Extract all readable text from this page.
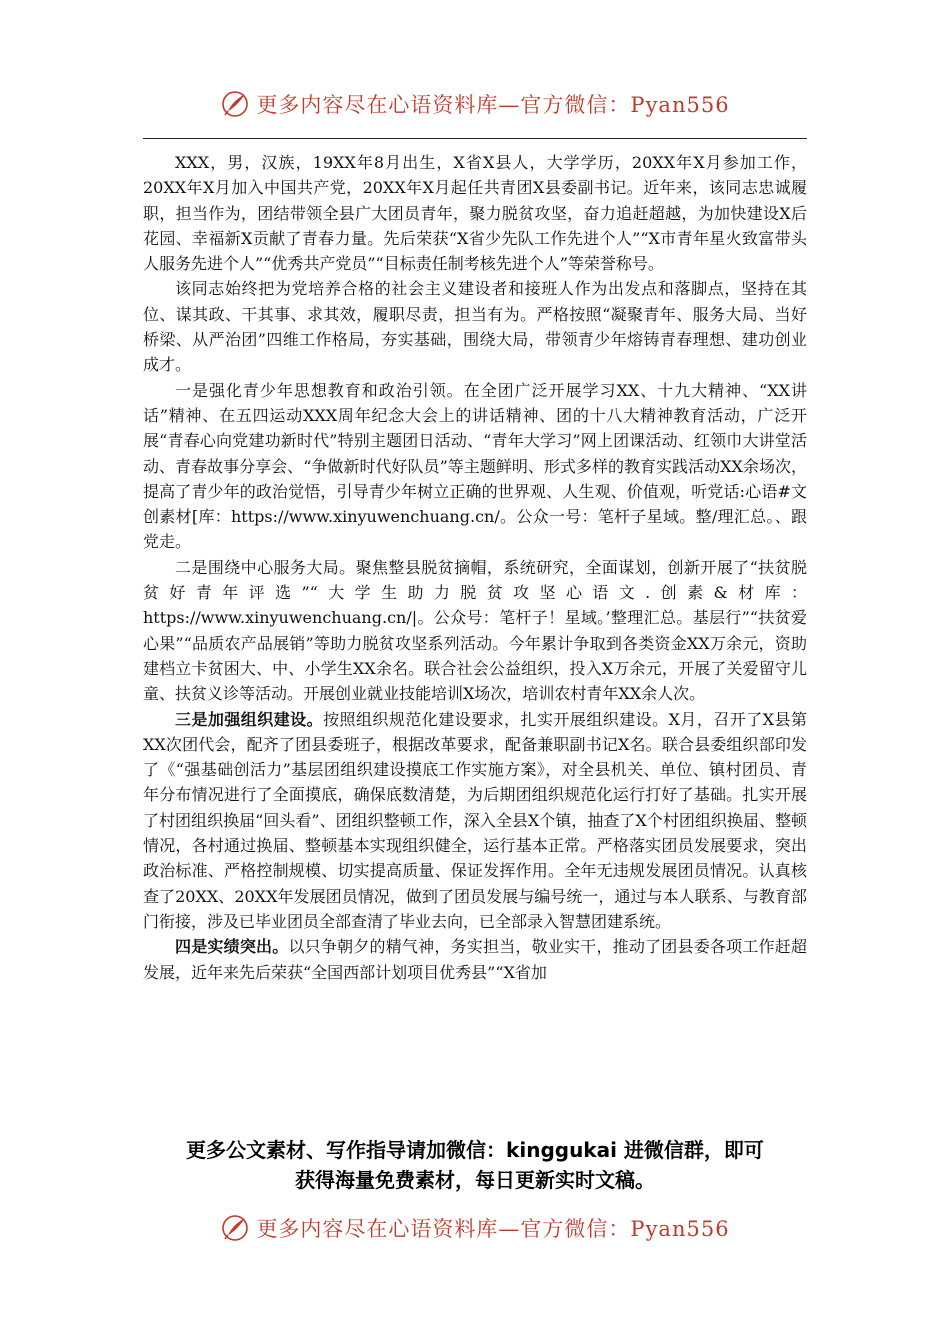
更多内容尽在心语资料库—官方微信：Pyan556

XXX，男，汉族，19XX年8月出生，X省X县人，大学学历，20XX年X月参加工作，20XX年X月加入中国共产党，20XX年X月起任共青团X县委副书记。近年来，该同志忠诚履职，担当作为，团结带领全县广大团员青年，聚力脱贫攻坚，奋力追赶超越，为加快建设X后花园、幸福新X贡献了青春力量。先后荣获“X省少先队工作先进个人”“X市青年星火致富带头人服务先进个人”“优秀共产党员”“目标责任制考核先进个人”等荣誉称号。

该同志始终把为党培养合格的社会主义建设者和接班人作为出发点和落脚点，坚持在其位、谋其政、干其事、求其效，履职尽责，担当有为。严格按照“凝聚青年、服务大局、当好桥梁、从严治团”四维工作格局，夯实基础，围绕大局，带领青少年熔铸青春理想、建功创业成才。

一是强化青少年思想教育和政治引领。在全团广泛开展学习XX、十九大精神、“XX讲话”精神、在五四运动XXX周年纪念大会上的讲话精神、团的十八大精神教育活动，广泛开展“青春心向党建功新时代”特别主题团日活动、“青年大学习”网上团课活动、红领巾大讲堂活动、青春故事分享会、“争做新时代好队员”等主题鲜明、形式多样的教育实践活动XX余场次，提高了青少年的政治觉悟，引导青少年树立正确的世界观、人生观、价值观，听党话:心语#文创素材[库：https://www.xinyuwenchuang.cn/。公众一号：笔杆子星域。整/理汇总。、跟党走。

二是围绕中心服务大局。聚焦整县脱贫摘帽，系统研究，全面谋划，创新开展了“扶贫脱贫好青年评选”“大学生助力脱贫攻坚心语文.创素&材库：https://www.xinyuwenchuang.cn/|。公众号：笔杆子！星域。’整理汇总。基层行”“扶贫爱心果”“品质农产品展销”等助力脱贫攻坚系列活动。今年累计争取到各类资金XX万余元，资助建档立卡贫困大、中、小学生XX余名。联合社会公益组织，投入X万余元，开展了关爱留守儿童、扶贫义诊等活动。开展创业就业技能培训X场次，培训农村青年XX余人次。

三是加强组织建设。按照组织规范化建设要求，扎实开展组织建设。X月，召开了X县第XX次团代会，配齐了团县委班子，根据改革要求，配备兼职副书记X名。联合县委组织部印发了《“强基础创活力”基层团组织建设摸底工作实施方案》，对全县机关、单位、镇村团员、青年分布情况进行了全面摸底，确保底数清楚，为后期团组织规范化运行打好了基础。扎实开展了村团组织换届“回头看”、团组织整顿工作，深入全县X个镇，抽查了X个村团组织换届、整顿情况，各村通过换届、整顿基本实现组织健全，运行基本正常。严格落实团员发展要求，突出政治标准、严格控制规模、切实提高质量、保证发挥作用。全年无违规发展团员情况。认真核查了20XX、20XX年发展团员情况，做到了团员发展与编号统一，通过与本人联系、与教育部门衔接，涉及已毕业团员全部查清了毕业去向，已全部录入智慧团建系统。

四是实绩突出。以只争朝夕的精气神，务实担当，敬业实干，推动了团县委各项工作赶超发展，近年来先后荣获“全国西部计划项目优秀县”“X省加

更多公文素材、写作指导请加微信：kinggukai 进微信群，即可
获得海量免费素材，每日更新实时文稿。
更多内容尽在心语资料库—官方微信：Pyan556
